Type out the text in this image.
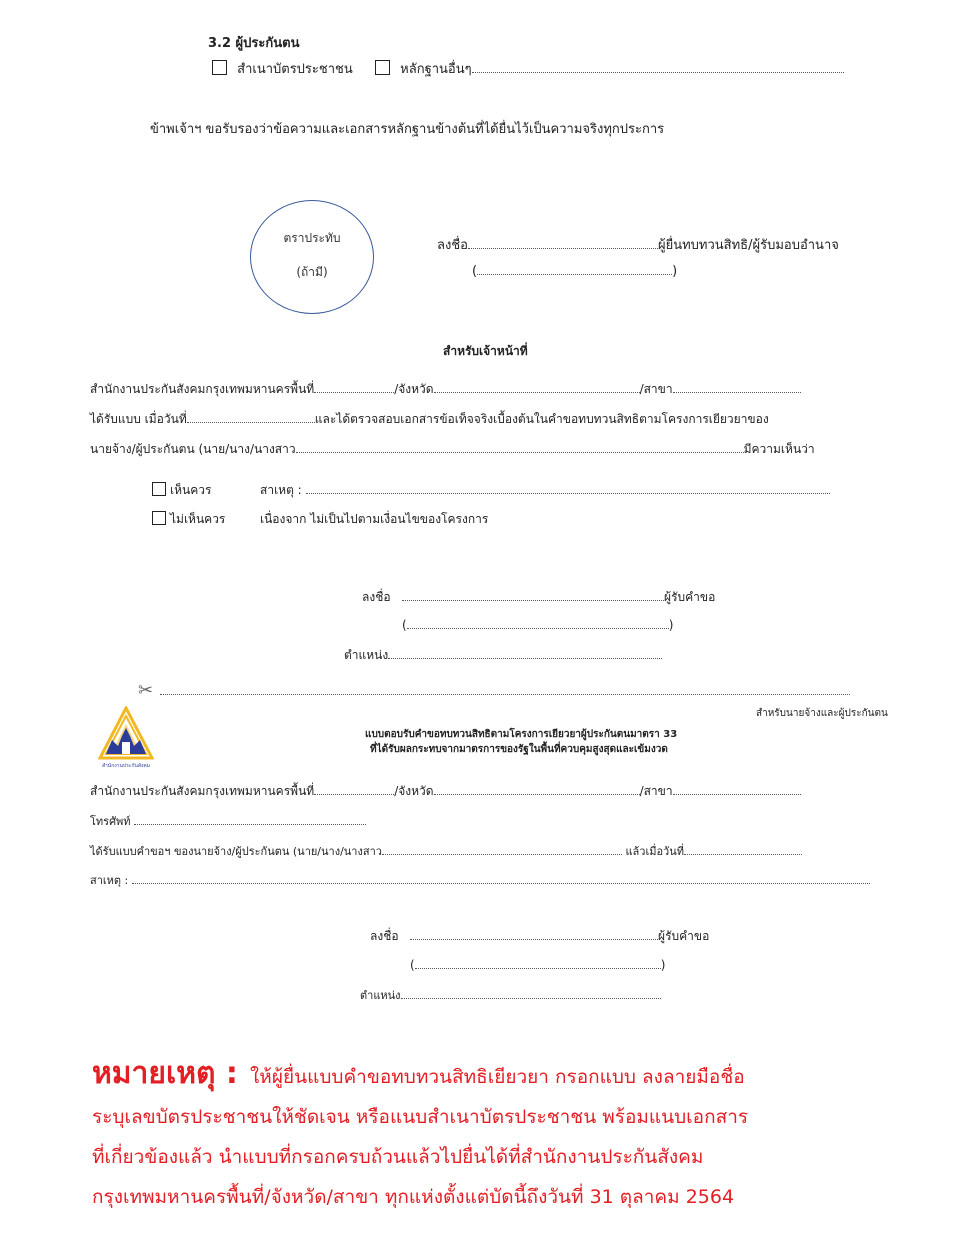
3.2 ผู้ประกันตน
สำเนาบัตรประชาชน	หลักฐานอื่นๆ
ข้าพเจ้าฯ ขอรับรองว่าข้อความและเอกสารหลักฐานข้างต้นที่ได้ยื่นไว้เป็นความจริงทุกประการ
ตราประทับ
(ถ้ามี)
ลงชื่อ	ผู้ยื่นทบทวนสิทธิ/ผู้รับมอบอำนาจ
(	)
สำหรับเจ้าหน้าที่
สำนักงานประกันสังคมกรุงเทพมหานครพื้นที่	/จังหวัด	/สาขา
ได้รับแบบ เมื่อวันที่	และได้ตรวจสอบเอกสารข้อเท็จจริงเบื้องต้นในคำขอทบทวนสิทธิตามโครงการเยียวยาของ
นายจ้าง/ผู้ประกันตน (นาย/นาง/นางสาว	มีความเห็นว่า
เห็นควร	สาเหตุ :
ไม่เห็นควร	เนื่องจาก ไม่เป็นไปตามเงื่อนไขของโครงการ
ลงชื่อ	ผู้รับคำขอ
(	)
ตำแหน่ง
✂
สำหรับนายจ้างและผู้ประกันตน
สำนักงานประกันสังคม
แบบตอบรับคำขอทบทวนสิทธิตามโครงการเยียวยาผู้ประกันตนมาตรา 33
ที่ได้รับผลกระทบจากมาตรการของรัฐในพื้นที่ควบคุมสูงสุดและเข้มงวด
สำนักงานประกันสังคมกรุงเทพมหานครพื้นที่	/จังหวัด	/สาขา
โทรศัพท์
ได้รับแบบคำขอฯ ของนายจ้าง/ผู้ประกันตน (นาย/นาง/นางสาว	แล้วเมื่อวันที่
สาเหตุ :
ลงชื่อ	ผู้รับคำขอ
(	)
ตำแหน่ง
หมายเหตุ : ให้ผู้ยื่นแบบคำขอทบทวนสิทธิเยียวยา กรอกแบบ ลงลายมือชื่อ
ระบุเลขบัตรประชาชนให้ชัดเจน หรือแนบสำเนาบัตรประชาชน พร้อมแนบเอกสาร
ที่เกี่ยวข้องแล้ว นำแบบที่กรอกครบถ้วนแล้วไปยื่นได้ที่สำนักงานประกันสังคม
กรุงเทพมหานครพื้นที่/จังหวัด/สาขา ทุกแห่งตั้งแต่บัดนี้ถึงวันที่ 31 ตุลาคม 2564
